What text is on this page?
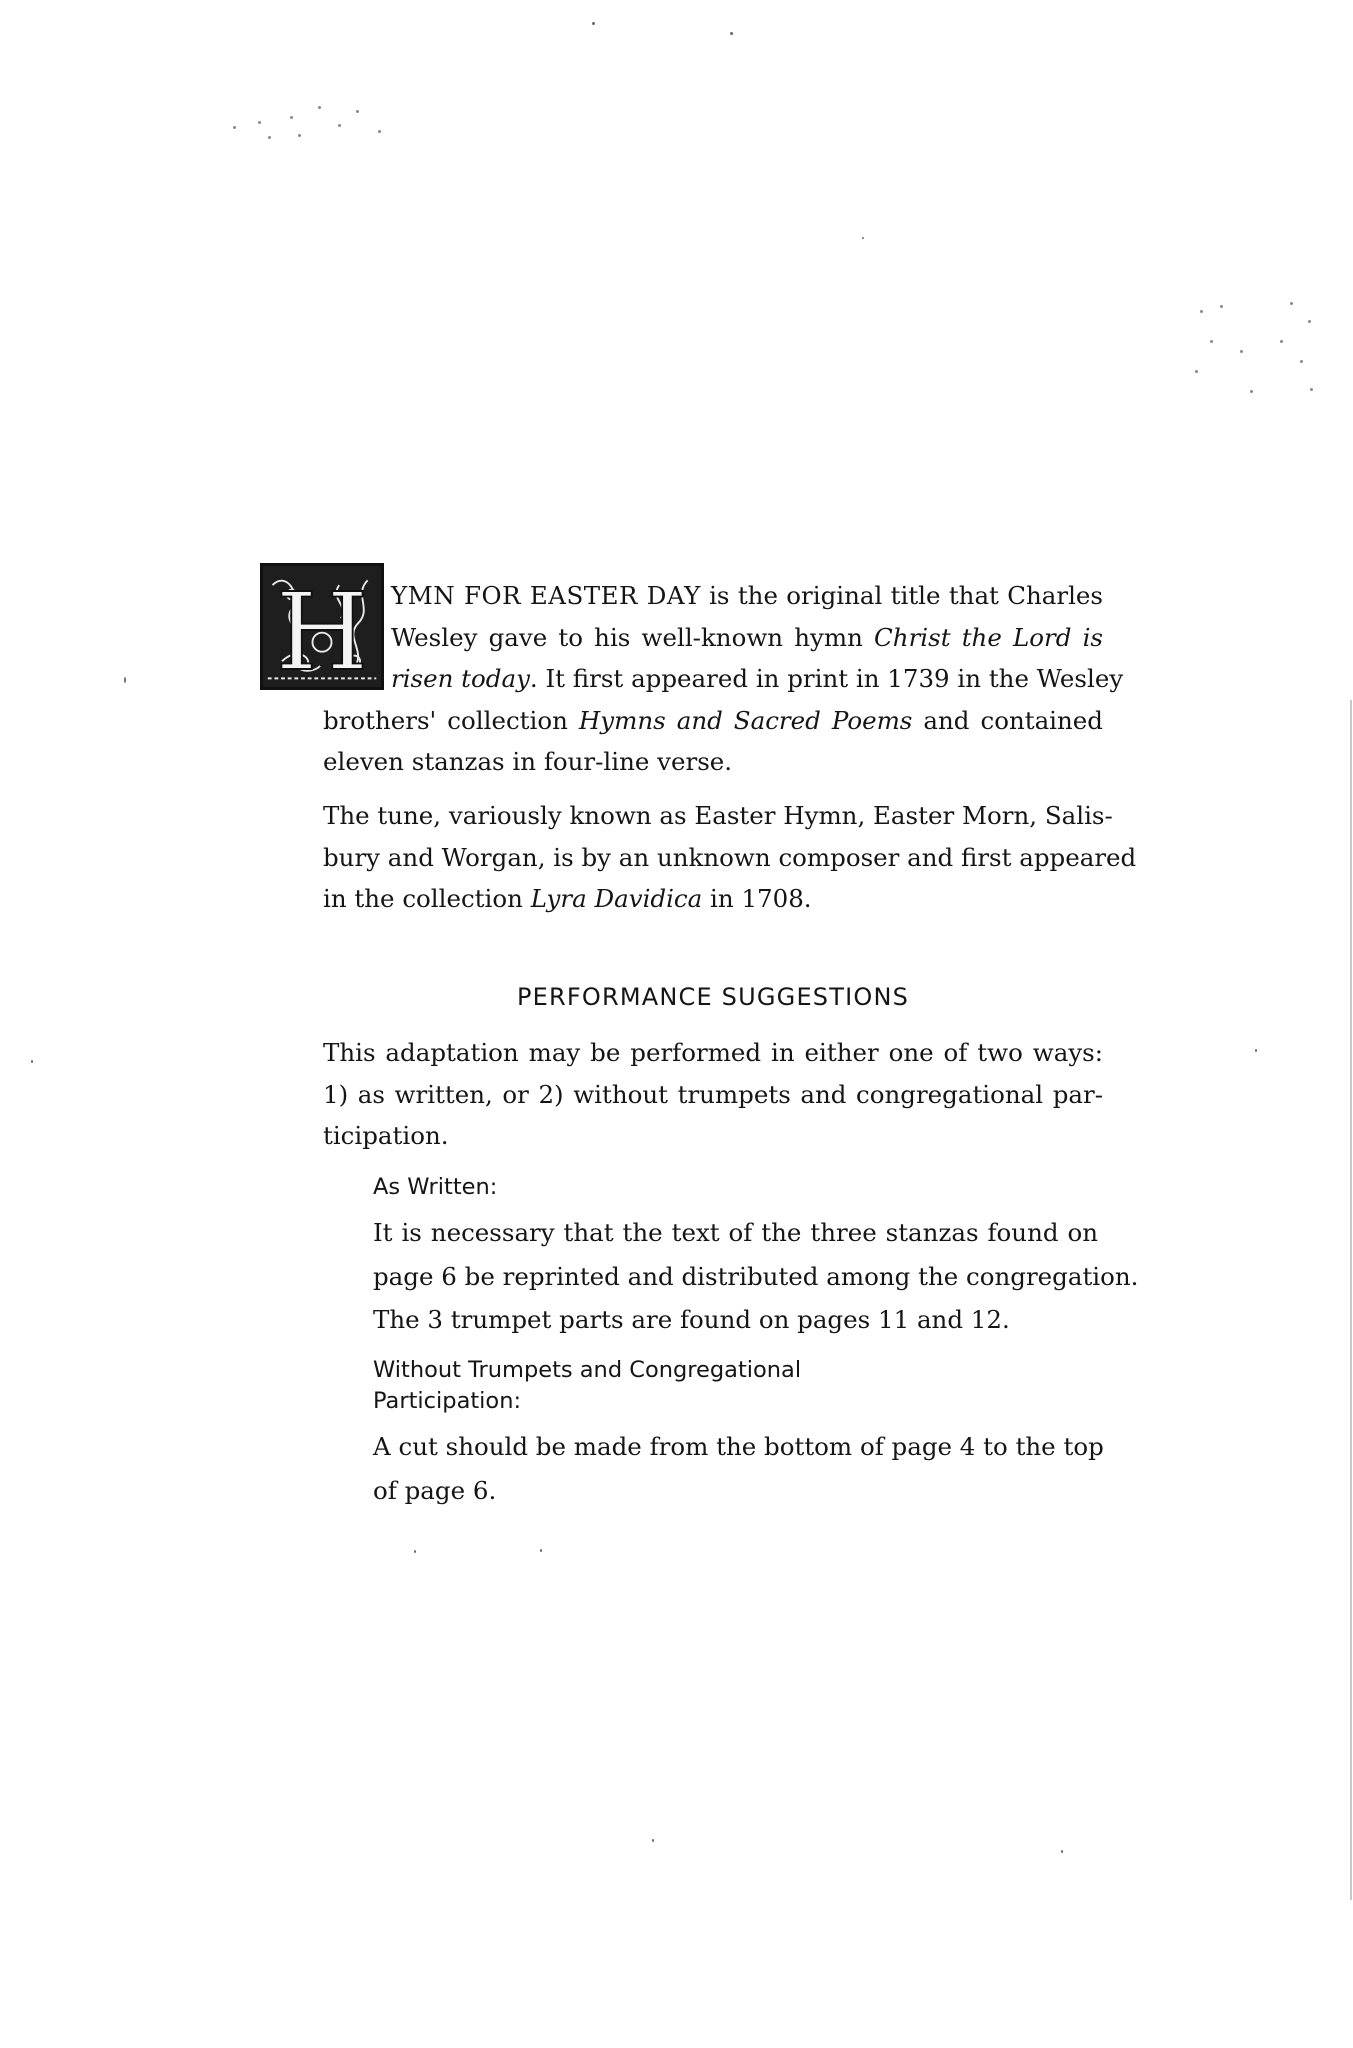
H YMN FOR EASTER DAY is the original title that Charles
Wesley gave to his well-known hymn Christ the Lord is
risen today. It first appeared in print in 1739 in the Wesley
brothers' collection Hymns and Sacred Poems and contained
eleven stanzas in four-line verse.
The tune, variously known as Easter Hymn, Easter Morn, Salis-
bury and Worgan, is by an unknown composer and first appeared
in the collection Lyra Davidica in 1708.
PERFORMANCE SUGGESTIONS
This adaptation may be performed in either one of two ways:
1) as written, or 2) without trumpets and congregational par-
ticipation.
As Written:
It is necessary that the text of the three stanzas found on
page 6 be reprinted and distributed among the congregation.
The 3 trumpet parts are found on pages 11 and 12.
Without Trumpets and Congregational
Participation:
A cut should be made from the bottom of page 4 to the top
of page 6.
